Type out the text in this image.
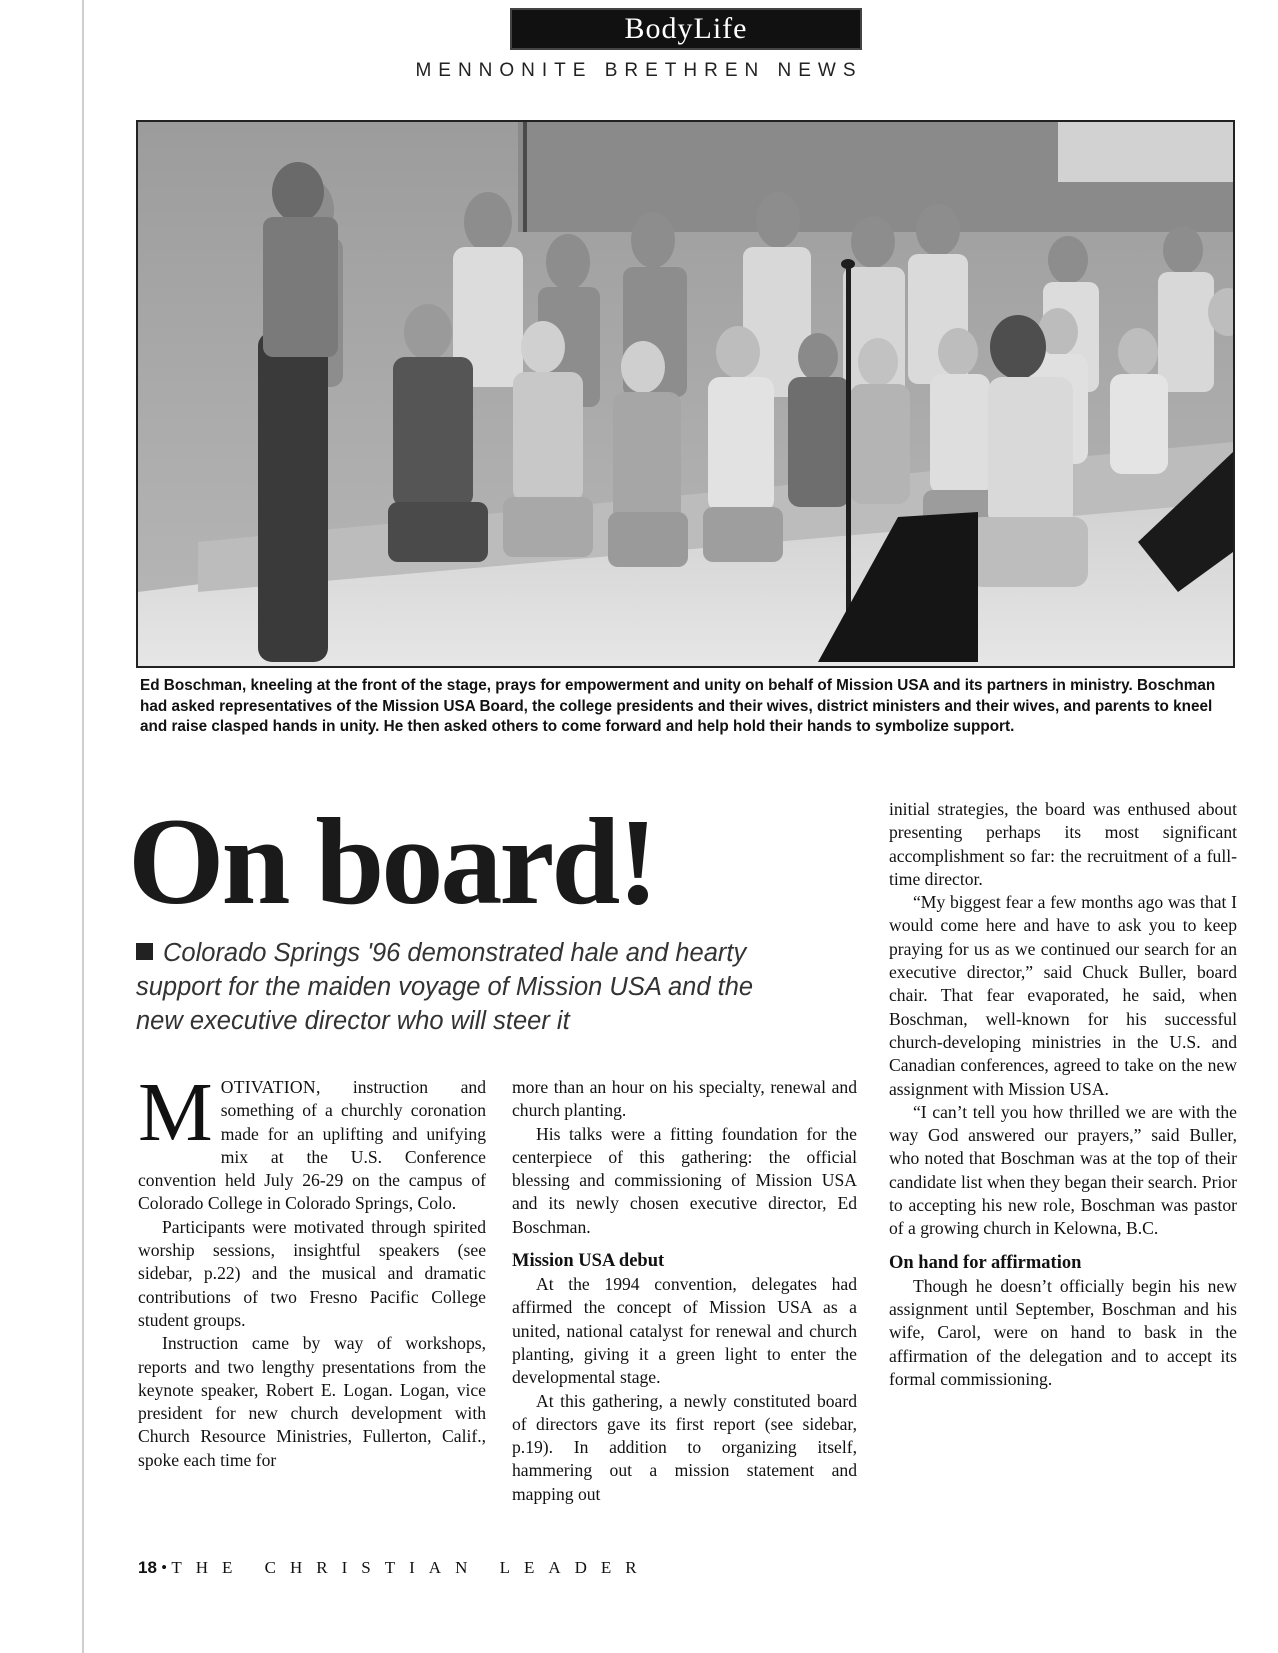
BodyLife
MENNONITE BRETHREN NEWS
Ed Boschman, kneeling at the front of the stage, prays for empowerment and unity on behalf of Mission USA and its partners in ministry. Boschman had asked representatives of the Mission USA Board, the college presidents and their wives, district ministers and their wives, and parents to kneel and raise clasped hands in unity. He then asked others to come forward and help hold their hands to symbolize support.
On board!
Colorado Springs '96 demonstrated hale and hearty support for the maiden voyage of Mission USA and the new executive director who will steer it

MOTIVATION, instruction and something of a churchly coronation made for an uplifting and unifying mix at the U.S. Conference convention held July 26-29 on the campus of Colorado College in Colorado Springs, Colo.

Participants were motivated through spirited worship sessions, insightful speakers (see sidebar, p.22) and the musical and dramatic contributions of two Fresno Pacific College student groups.

Instruction came by way of workshops, reports and two lengthy presentations from the keynote speaker, Robert E. Logan. Logan, vice president for new church development with Church Resource Ministries, Fullerton, Calif., spoke each time for

more than an hour on his specialty, renewal and church planting.

His talks were a fitting foundation for the centerpiece of this gathering: the official blessing and commissioning of Mission USA and its newly chosen executive director, Ed Boschman.

Mission USA debut

At the 1994 convention, delegates had affirmed the concept of Mission USA as a united, national catalyst for renewal and church planting, giving it a green light to enter the developmental stage.

At this gathering, a newly constituted board of directors gave its first report (see sidebar, p.19). In addition to organizing itself, hammering out a mission statement and mapping out

initial strategies, the board was enthused about presenting perhaps its most significant accomplishment so far: the recruitment of a full-time director.

“My biggest fear a few months ago was that I would come here and have to ask you to keep praying for us as we continued our search for an executive director,” said Chuck Buller, board chair. That fear evaporated, he said, when Boschman, well-known for his successful church-developing ministries in the U.S. and Canadian conferences, agreed to take on the new assignment with Mission USA.

“I can’t tell you how thrilled we are with the way God answered our prayers,” said Buller, who noted that Boschman was at the top of their candidate list when they began their search. Prior to accepting his new role, Boschman was pastor of a growing church in Kelowna, B.C.

On hand for affirmation

Though he doesn’t officially begin his new assignment until September, Boschman and his wife, Carol, were on hand to bask in the affirmation of the delegation and to accept its formal commissioning.

18 • THE CHRISTIAN LEADER
